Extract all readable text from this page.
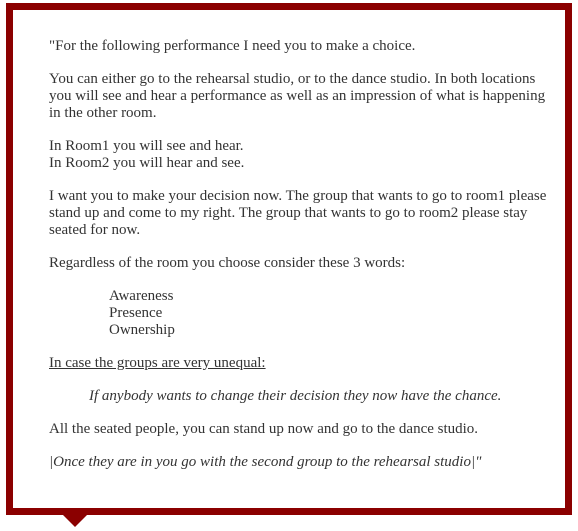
"For the following performance I need you to make a choice.

You can either go to the rehearsal studio, or to the dance studio. In both locations you will see and hear a performance as well as an impression of what is happening in the other room.

In Room1 you will see and hear.
In Room2 you will hear and see.

I want you to make your decision now. The group that wants to go to room1 please stand up and come to my right. The group that wants to go to room2 please stay seated for now.

Regardless of the room you choose consider these 3 words:

Awareness
Presence
Ownership

In case the groups are very unequal:

If anybody wants to change their decision they now have the chance.

All the seated people, you can stand up now and go to the dance studio.

|Once they are in you go with the second group to the rehearsal studio|"
